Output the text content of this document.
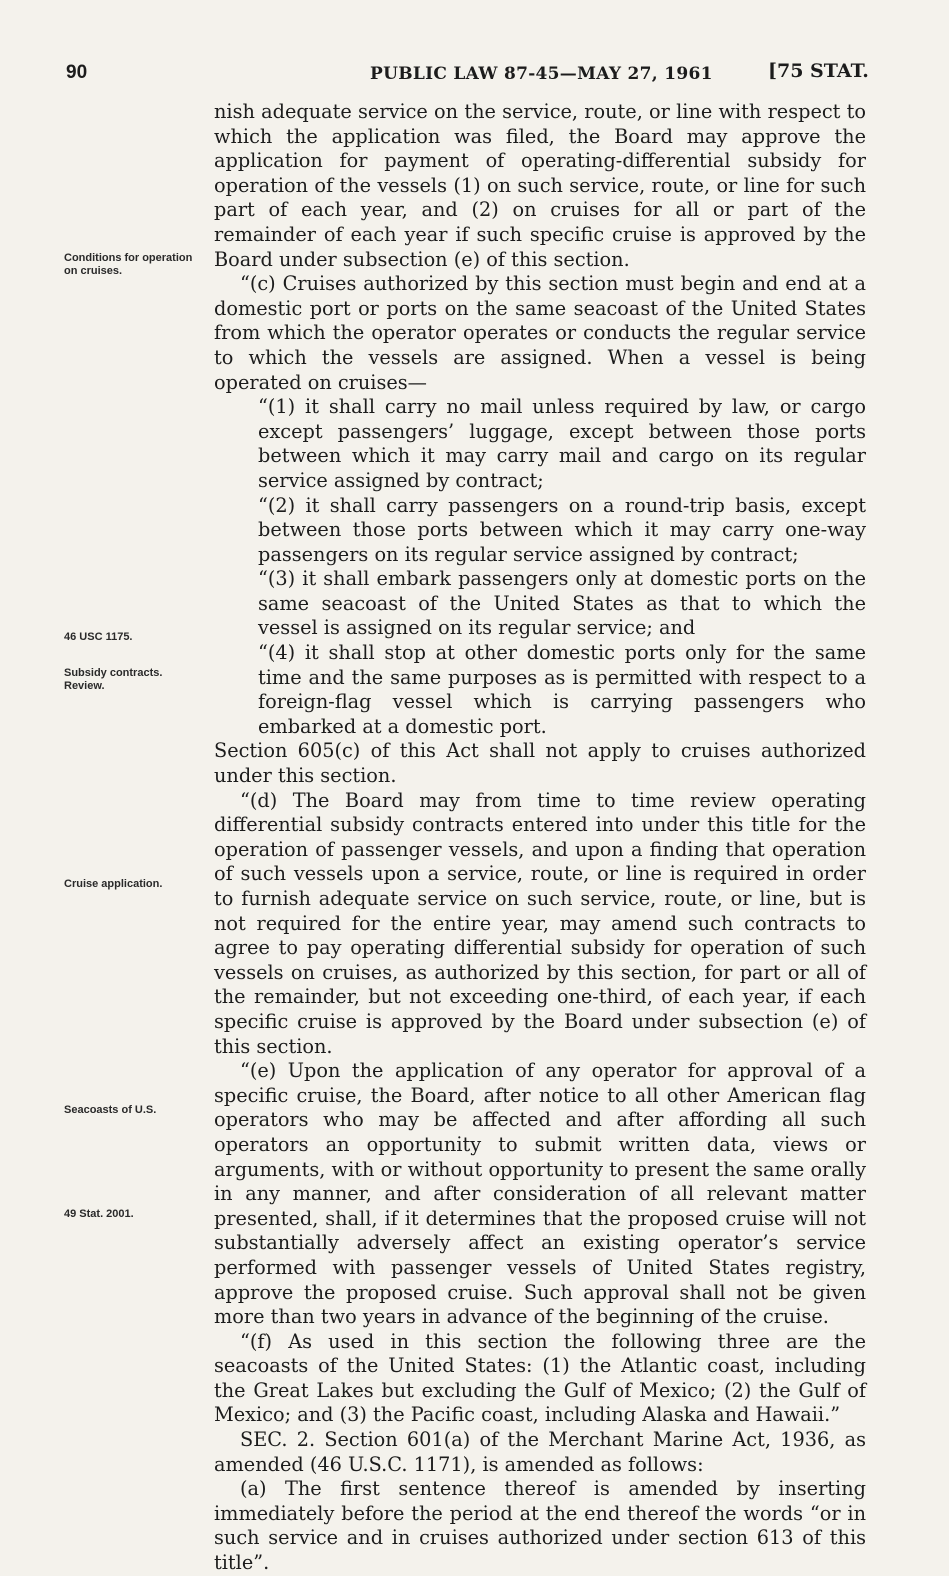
90	PUBLIC LAW 87-45—MAY 27, 1961	[75 STAT.
Conditions for operation on cruises.
46 USC 1175.
Subsidy contracts. Review.
Cruise application.
Seacoasts of U.S.
49 Stat. 2001.

nish adequate service on the service, route, or line with respect to which the application was filed, the Board may approve the application for payment of operating-differential subsidy for operation of the vessels (1) on such service, route, or line for such part of each year, and (2) on cruises for all or part of the remainder of each year if such specific cruise is approved by the Board under subsection (e) of this section.

“(c) Cruises authorized by this section must begin and end at a domestic port or ports on the same seacoast of the United States from which the operator operates or conducts the regular service to which the vessels are assigned. When a vessel is being operated on cruises—

“(1) it shall carry no mail unless required by law, or cargo except passengers’ luggage, except between those ports between which it may carry mail and cargo on its regular service assigned by contract;

“(2) it shall carry passengers on a round-trip basis, except between those ports between which it may carry one-way passengers on its regular service assigned by contract;

“(3) it shall embark passengers only at domestic ports on the same seacoast of the United States as that to which the vessel is assigned on its regular service; and

“(4) it shall stop at other domestic ports only for the same time and the same purposes as is permitted with respect to a foreign-flag vessel which is carrying passengers who embarked at a domestic port.

Section 605(c) of this Act shall not apply to cruises authorized under this section.

“(d) The Board may from time to time review operating differential subsidy contracts entered into under this title for the operation of passenger vessels, and upon a finding that operation of such vessels upon a service, route, or line is required in order to furnish adequate service on such service, route, or line, but is not required for the entire year, may amend such contracts to agree to pay operating differential subsidy for operation of such vessels on cruises, as authorized by this section, for part or all of the remainder, but not exceeding one-third, of each year, if each specific cruise is approved by the Board under subsection (e) of this section.

“(e) Upon the application of any operator for approval of a specific cruise, the Board, after notice to all other American flag operators who may be affected and after affording all such operators an opportunity to submit written data, views or arguments, with or without opportunity to present the same orally in any manner, and after consideration of all relevant matter presented, shall, if it determines that the proposed cruise will not substantially adversely affect an existing operator’s service performed with passenger vessels of United States registry, approve the proposed cruise. Such approval shall not be given more than two years in advance of the beginning of the cruise.

“(f) As used in this section the following three are the seacoasts of the United States: (1) the Atlantic coast, including the Great Lakes but excluding the Gulf of Mexico; (2) the Gulf of Mexico; and (3) the Pacific coast, including Alaska and Hawaii.”

SEC. 2. Section 601(a) of the Merchant Marine Act, 1936, as amended (46 U.S.C. 1171), is amended as follows:

(a) The first sentence thereof is amended by inserting immediately before the period at the end thereof the words “or in such service and in cruises authorized under section 613 of this title”.
